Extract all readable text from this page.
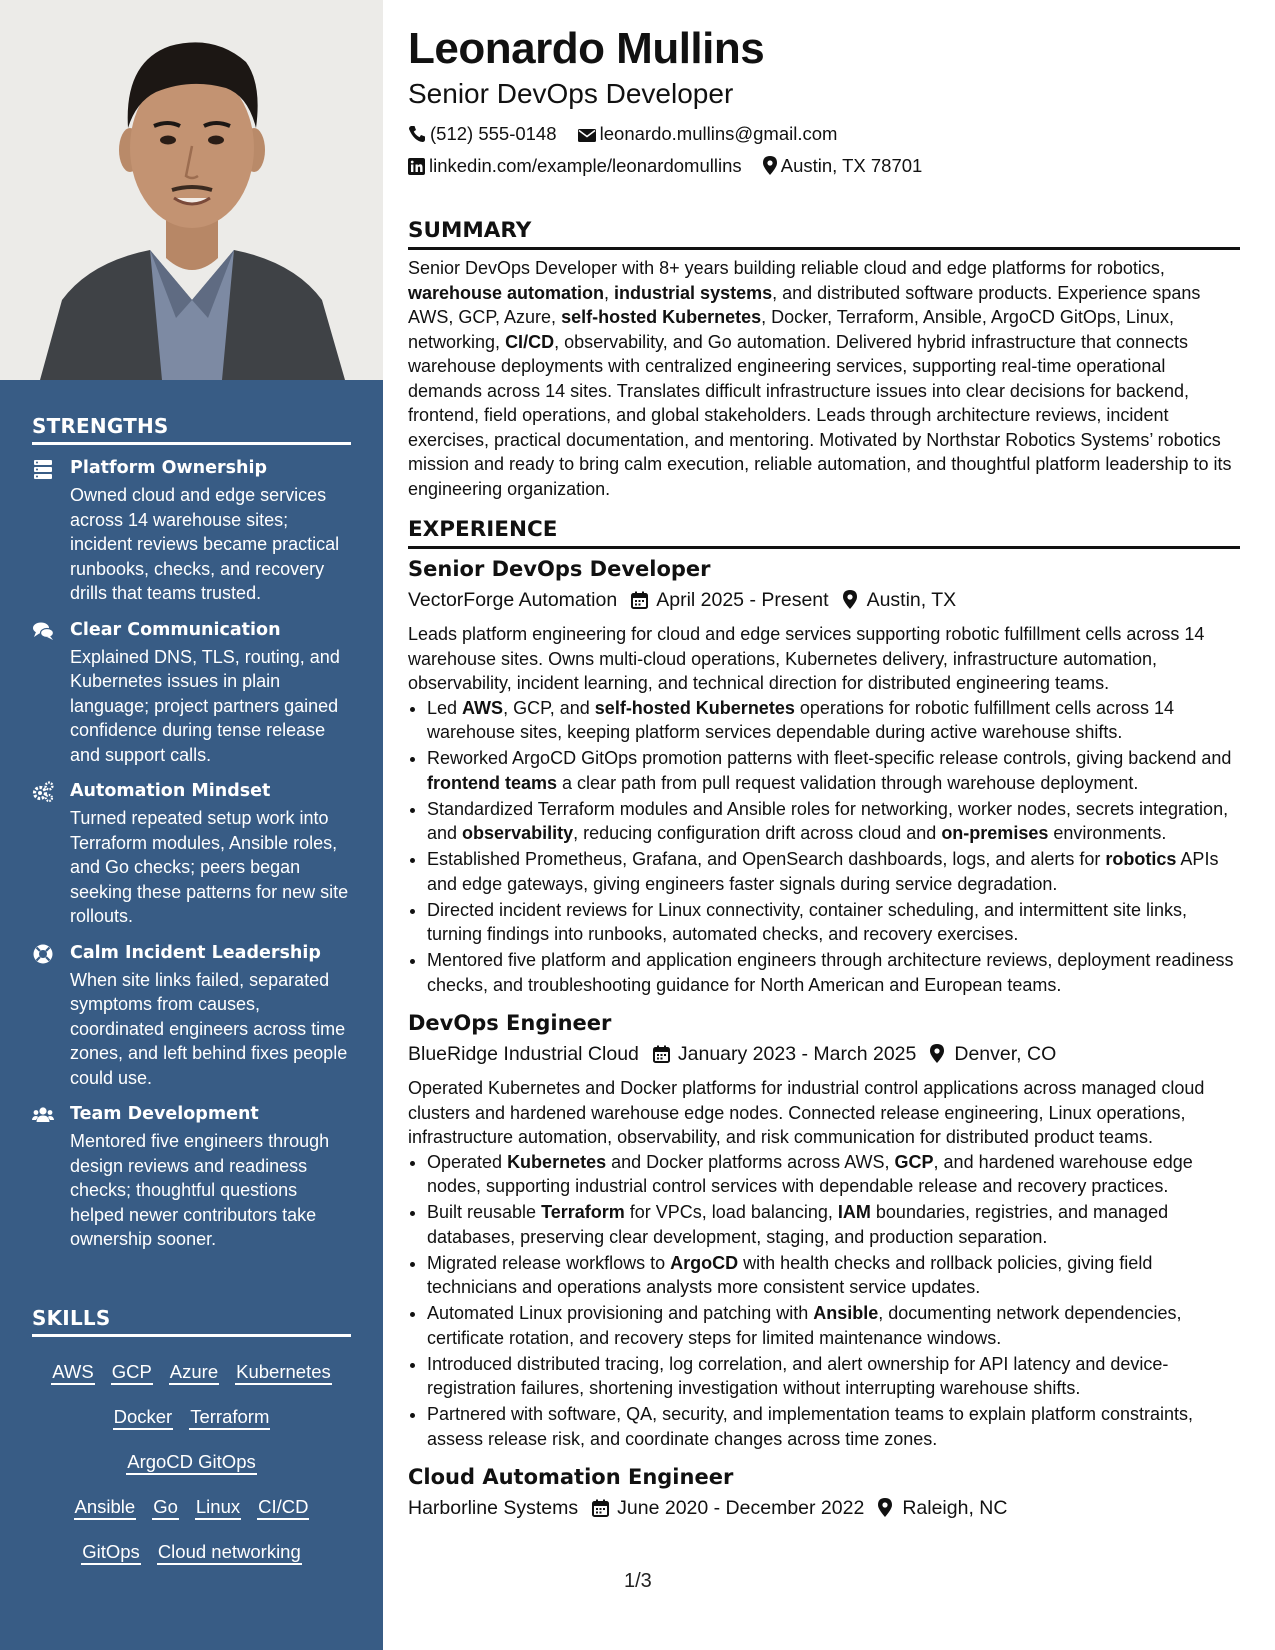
STRENGTHS
Platform Ownership
Owned cloud and edge services across 14 warehouse sites; incident reviews became practical runbooks, checks, and recovery drills that teams trusted.
Clear Communication
Explained DNS, TLS, routing, and Kubernetes issues in plain language; project partners gained confidence during tense release and support calls.
Automation Mindset
Turned repeated setup work into Terraform modules, Ansible roles, and Go checks; peers began seeking these patterns for new site rollouts.
Calm Incident Leadership
When site links failed, separated symptoms from causes, coordinated engineers across time zones, and left behind fixes people could use.
Team Development
Mentored five engineers through design reviews and readiness checks; thoughtful questions helped newer contributors take ownership sooner.
SKILLS
AWS GCP Azure Kubernetes
Docker TerraformArgoCD GitOps
Ansible Go Linux CI/CD
GitOps Cloud networking
Leonardo Mullins
Senior DevOps Developer
(512) 555-0148 leonardo.mullins@gmail.com
linkedin.com/example/leonardomullins Austin, TX 78701
SUMMARY

Senior DevOps Developer with 8+ years building reliable cloud and edge platforms for robotics, warehouse automation, industrial systems, and distributed software products. Experience spans AWS, GCP, Azure, self-hosted Kubernetes, Docker, Terraform, Ansible, ArgoCD GitOps, Linux, networking, CI/CD, observability, and Go automation. Delivered hybrid infrastructure that connects warehouse deployments with centralized engineering services, supporting real-time operational demands across 14 sites. Translates difficult infrastructure issues into clear decisions for backend, frontend, field operations, and global stakeholders. Leads through architecture reviews, incident exercises, practical documentation, and mentoring. Motivated by Northstar Robotics Systems’ robotics mission and ready to bring calm execution, reliable automation, and thoughtful platform leadership to its engineering organization.

EXPERIENCE
Senior DevOps Developer
VectorForge Automation April 2025 - Present Austin, TX

Leads platform engineering for cloud and edge services supporting robotic fulfillment cells across 14 warehouse sites. Owns multi-cloud operations, Kubernetes delivery, infrastructure automation, observability, incident learning, and technical direction for distributed engineering teams.

• Led AWS, GCP, and self-hosted Kubernetes operations for robotic fulfillment cells across 14 warehouse sites, keeping platform services dependable during active warehouse shifts.
• Reworked ArgoCD GitOps promotion patterns with fleet-specific release controls, giving backend and frontend teams a clear path from pull request validation through warehouse deployment.
• Standardized Terraform modules and Ansible roles for networking, worker nodes, secrets integration, and observability, reducing configuration drift across cloud and on-premises environments.
• Established Prometheus, Grafana, and OpenSearch dashboards, logs, and alerts for robotics APIs and edge gateways, giving engineers faster signals during service degradation.
• Directed incident reviews for Linux connectivity, container scheduling, and intermittent site links, turning findings into runbooks, automated checks, and recovery exercises.
• Mentored five platform and application engineers through architecture reviews, deployment readiness checks, and troubleshooting guidance for North American and European teams.
DevOps Engineer
BlueRidge Industrial Cloud January 2023 - March 2025 Denver, CO

Operated Kubernetes and Docker platforms for industrial control applications across managed cloud clusters and hardened warehouse edge nodes. Connected release engineering, Linux operations, infrastructure automation, observability, and risk communication for distributed product teams.

• Operated Kubernetes and Docker platforms across AWS, GCP, and hardened warehouse edge nodes, supporting industrial control services with dependable release and recovery practices.
• Built reusable Terraform for VPCs, load balancing, IAM boundaries, registries, and managed databases, preserving clear development, staging, and production separation.
• Migrated release workflows to ArgoCD with health checks and rollback policies, giving field technicians and operations analysts more consistent service updates.
• Automated Linux provisioning and patching with Ansible, documenting network dependencies, certificate rotation, and recovery steps for limited maintenance windows.
• Introduced distributed tracing, log correlation, and alert ownership for API latency and device-registration failures, shortening investigation without interrupting warehouse shifts.
• Partnered with software, QA, security, and implementation teams to explain platform constraints, assess release risk, and coordinate changes across time zones.
Cloud Automation Engineer
Harborline Systems June 2020 - December 2022 Raleigh, NC
1/3
